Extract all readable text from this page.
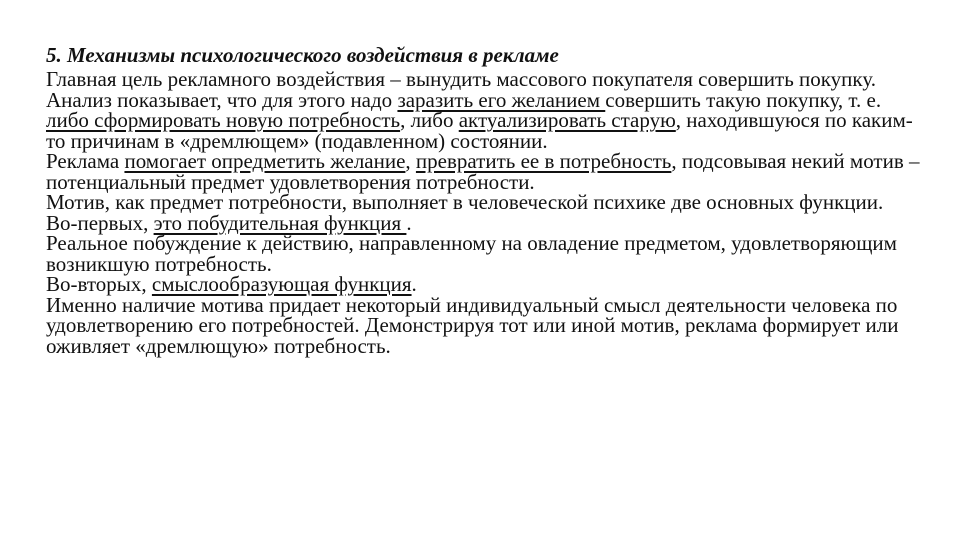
5. Механизмы психологического воздействия в рекламе

Главная цель рекламного воздействия – вынудить массового покупателя совершить покупку.

Анализ показывает, что для этого надо заразить его желанием совершить такую покупку, т. е. либо сформировать новую потребность, либо актуализировать старую, находившуюся по каким-то причинам в «дремлющем» (подавленном) состоянии.

Реклама помогает опредметить желание, превратить ее в потребность, подсовывая некий мотив – потенциальный предмет удовлетворения потребности.

Мотив, как предмет потребности, выполняет в человеческой психике две основных функции.

Во-первых, это побудительная функция .

Реальное побуждение к действию, направленному на овладение предметом, удовлетворяющим возникшую потребность.

Во-вторых, смыслообразующая функция.

Именно наличие мотива придает некоторый индивидуальный смысл деятельности человека по удовлетворению его потребностей. Демонстрируя тот или иной мотив, реклама формирует или оживляет «дремлющую» потребность.
